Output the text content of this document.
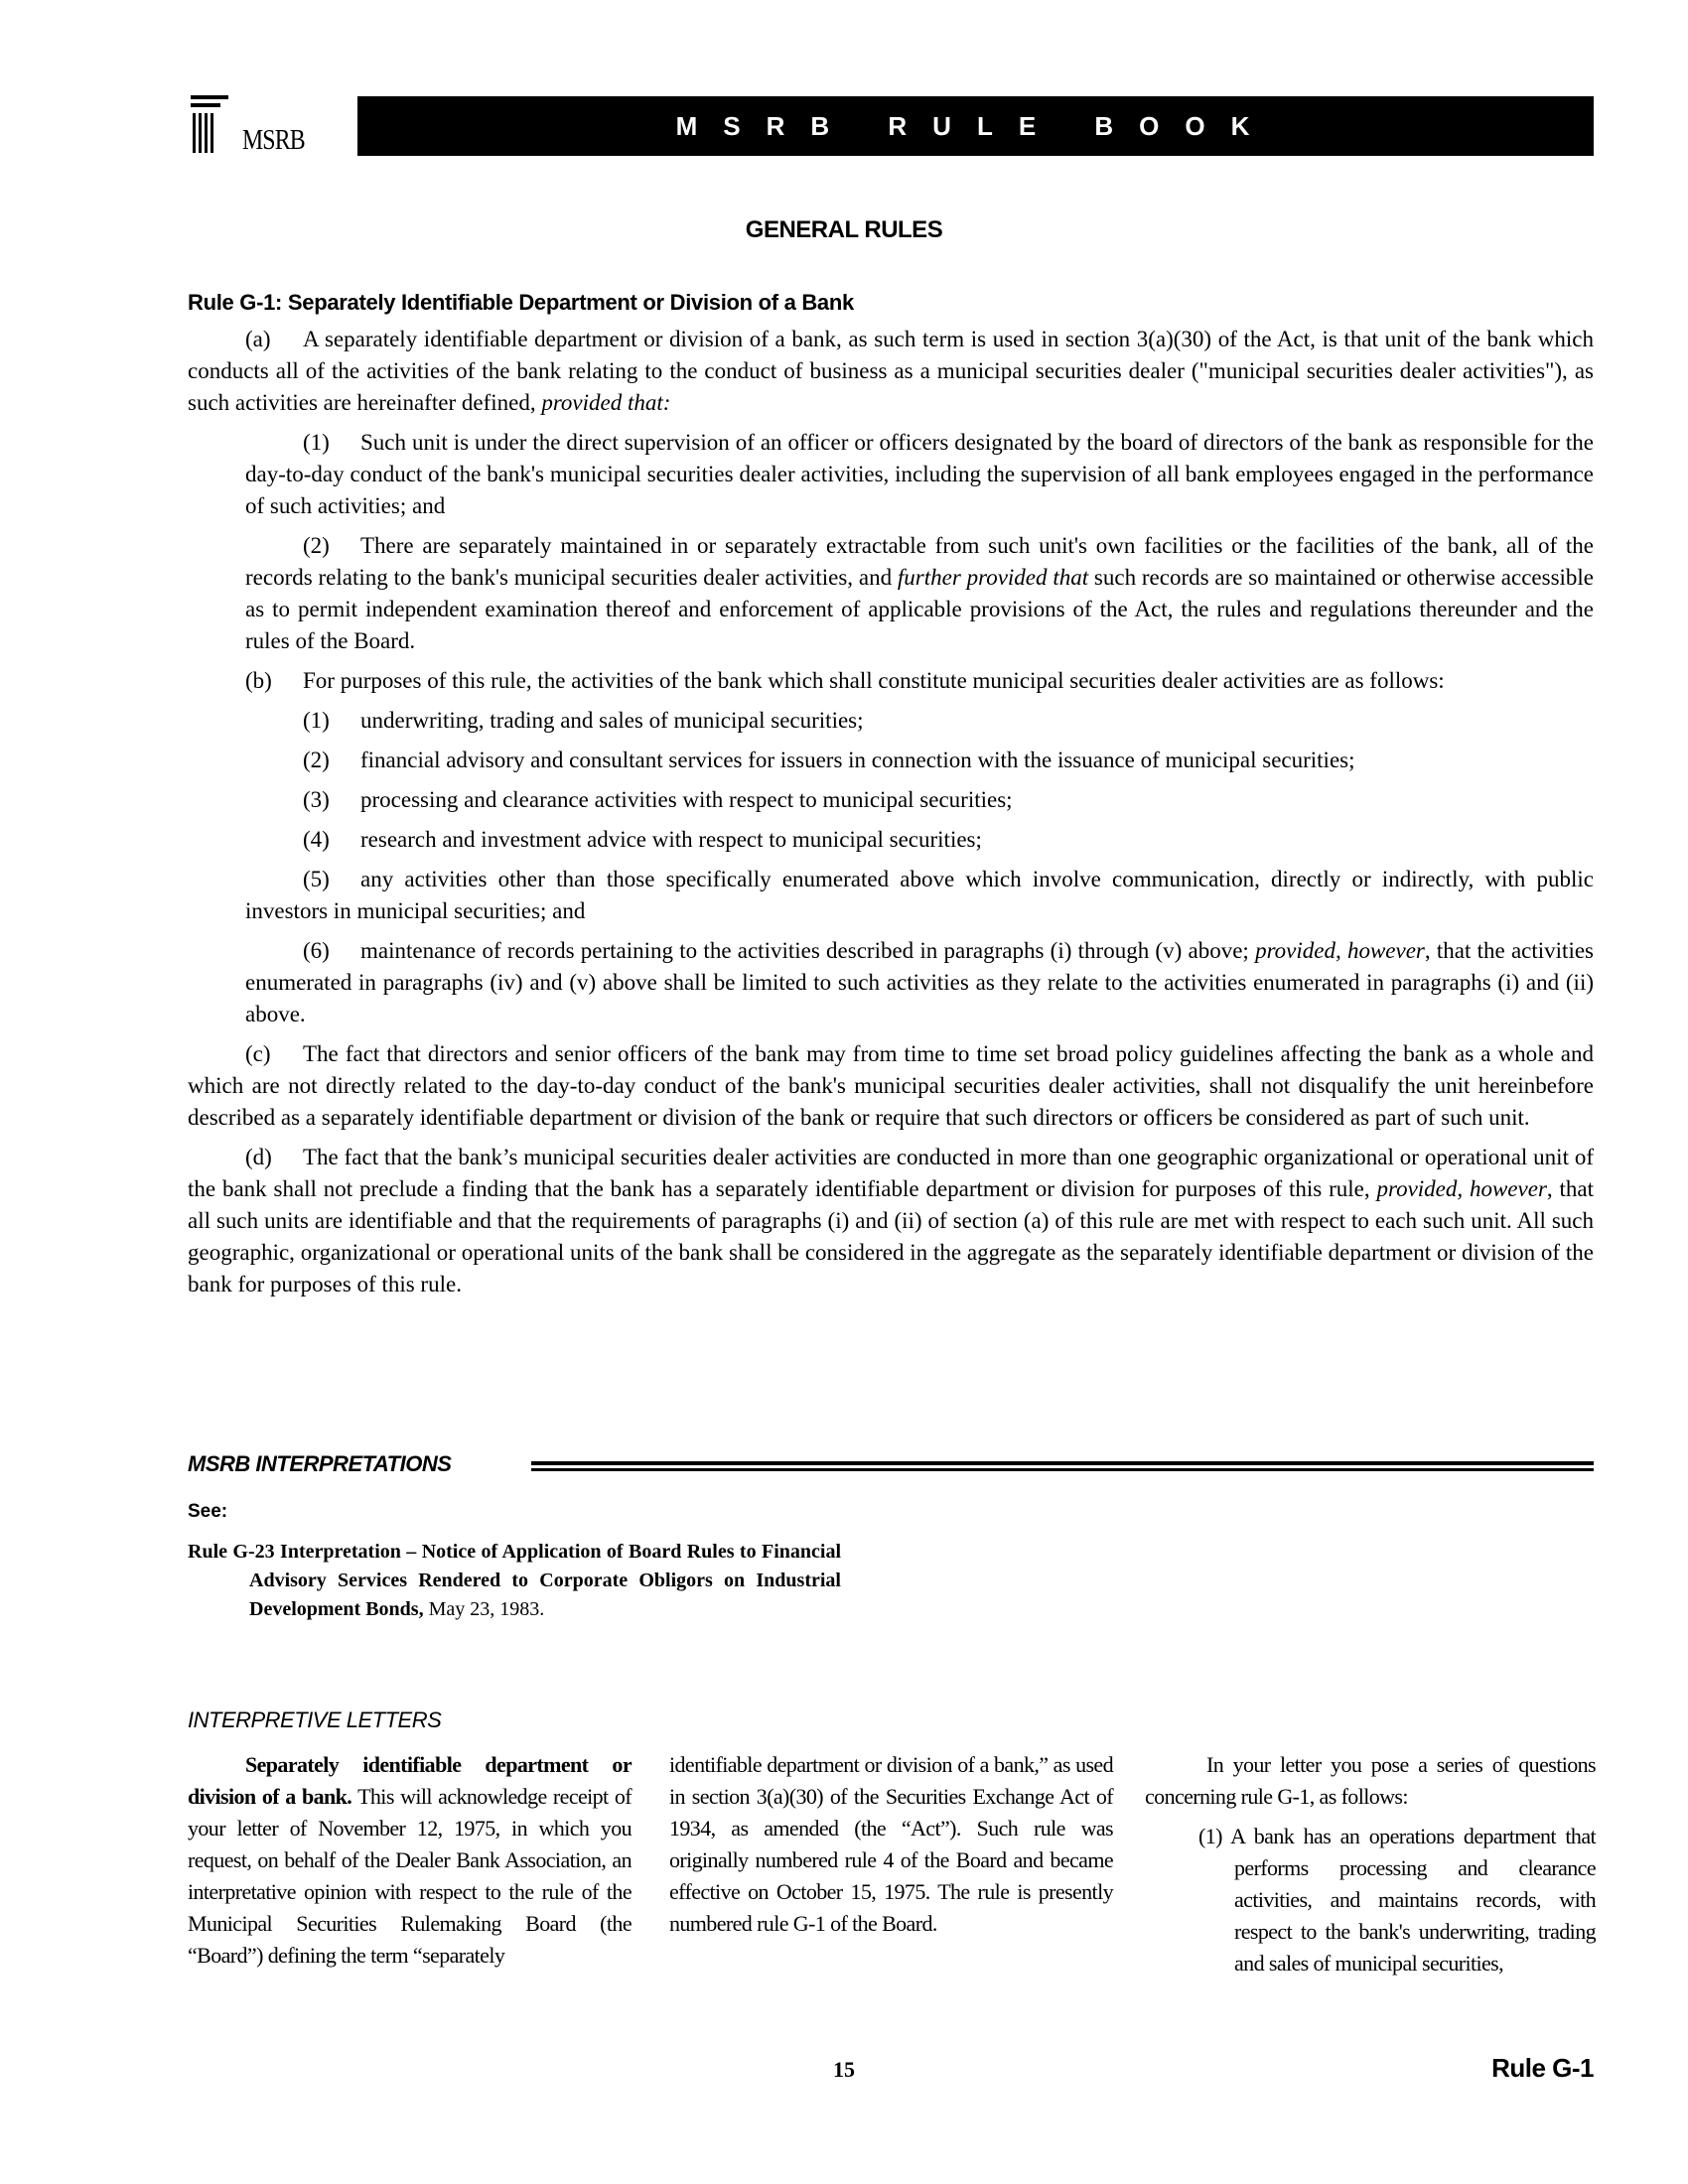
MSRB	MSRB RULE BOOK
GENERAL RULES
Rule G-1: Separately Identifiable Department or Division of a Bank

(a) A separately identifiable department or division of a bank, as such term is used in section 3(a)(30) of the Act, is that unit of the bank which conducts all of the activities of the bank relating to the conduct of business as a municipal securities dealer ("municipal securities dealer activities"), as such activities are hereinafter defined, provided that:

(1) Such unit is under the direct supervision of an officer or officers designated by the board of directors of the bank as responsible for the day-to-day conduct of the bank's municipal securities dealer activities, including the supervision of all bank employees engaged in the performance of such activities; and

(2) There are separately maintained in or separately extractable from such unit's own facilities or the facilities of the bank, all of the records relating to the bank's municipal securities dealer activities, and further provided that such records are so maintained or otherwise accessible as to permit independent examination thereof and enforcement of applicable provisions of the Act, the rules and regulations thereunder and the rules of the Board.

(b) For purposes of this rule, the activities of the bank which shall constitute municipal securities dealer activities are as follows:

(1) underwriting, trading and sales of municipal securities;

(2) financial advisory and consultant services for issuers in connection with the issuance of municipal securities;

(3) processing and clearance activities with respect to municipal securities;

(4) research and investment advice with respect to municipal securities;

(5) any activities other than those specifically enumerated above which involve communication, directly or indirectly, with public investors in municipal securities; and

(6) maintenance of records pertaining to the activities described in paragraphs (i) through (v) above; provided, however, that the activities enumerated in paragraphs (iv) and (v) above shall be limited to such activities as they relate to the activities enumerated in paragraphs (i) and (ii) above.

(c) The fact that directors and senior officers of the bank may from time to time set broad policy guidelines affecting the bank as a whole and which are not directly related to the day-to-day conduct of the bank's municipal securities dealer activities, shall not disqualify the unit hereinbefore described as a separately identifiable department or division of the bank or require that such directors or officers be considered as part of such unit.

(d) The fact that the bank’s municipal securities dealer activities are conducted in more than one geographic organizational or operational unit of the bank shall not preclude a finding that the bank has a separately identifiable department or division for purposes of this rule, provided, however, that all such units are identifiable and that the requirements of paragraphs (i) and (ii) of section (a) of this rule are met with respect to each such unit. All such geographic, organizational or operational units of the bank shall be considered in the aggregate as the separately identifiable department or division of the bank for purposes of this rule.

MSRB INTERPRETATIONS
See:
Rule G-23 Interpretation – Notice of Application of Board Rules to Financial Advisory Services Rendered to Corporate Obligors on Industrial Development Bonds, May 23, 1983.
INTERPRETIVE LETTERS

Separately identifiable department or division of a bank. This will acknowledge receipt of your letter of November 12, 1975, in which you request, on behalf of the Dealer Bank Association, an interpretative opinion with respect to the rule of the Municipal Securities Rulemaking Board (the “Board”) defining the term “separately

identifiable department or division of a bank,” as used in section 3(a)(30) of the Securities Exchange Act of 1934, as amended (the “Act”). Such rule was originally numbered rule 4 of the Board and became effective on October 15, 1975. The rule is presently numbered rule G-1 of the Board.

In your letter you pose a series of questions concerning rule G-1, as follows:

(1) A bank has an operations department that performs processing and clearance activities, and maintains records, with respect to the bank's underwriting, trading and sales of municipal securities,

15	Rule G-1
